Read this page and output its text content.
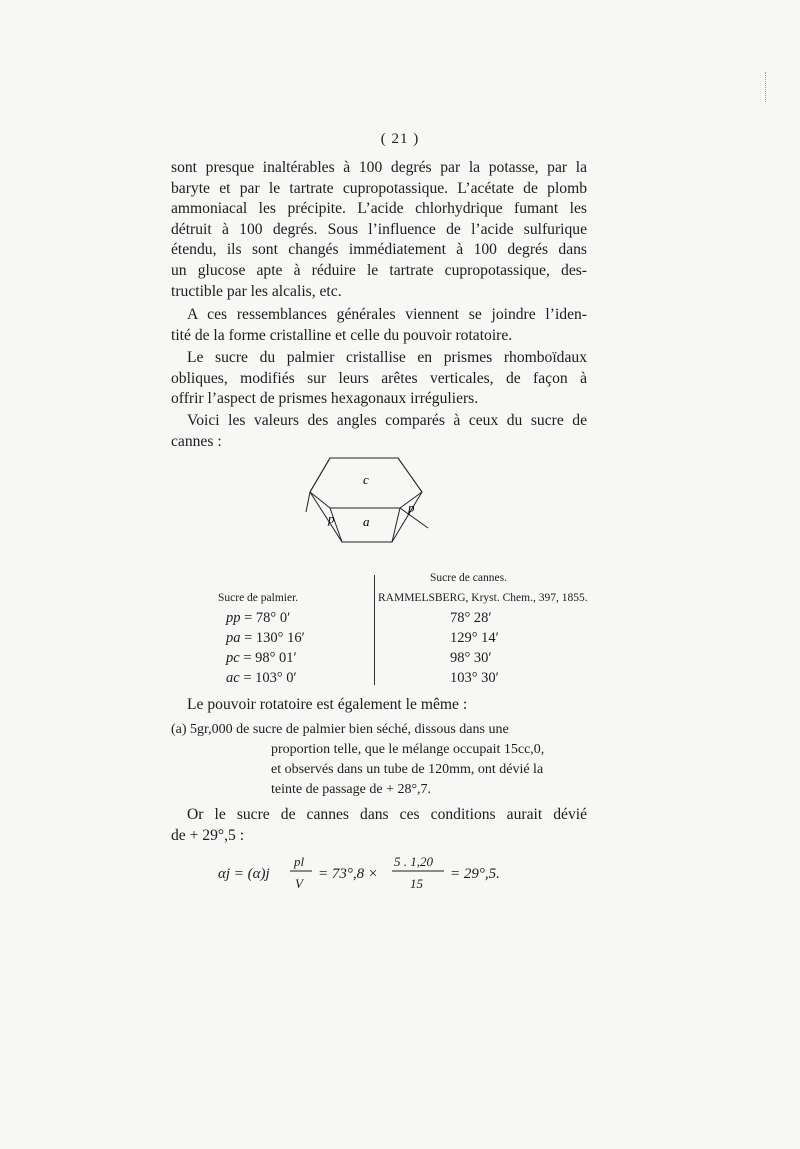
( 21 )
sont presque inaltérables à 100 degrés par la potasse, par la
baryte et par le tartrate cupropotassique. L’acétate de plomb
ammoniacal les précipite. L’acide chlorhydrique fumant les
détruit à 100 degrés. Sous l’influence de l’acide sulfurique
étendu, ils sont changés immédiatement à 100 degrés dans
un glucose apte à réduire le tartrate cupropotassique, des-
tructible par les alcalis, etc.
A ces ressemblances générales viennent se joindre l’iden-
tité de la forme cristalline et celle du pouvoir rotatoire.
Le sucre du palmier cristallise en prismes rhomboïdaux
obliques, modifiés sur leurs arêtes verticales, de façon à
offrir l’aspect de prismes hexagonaux irréguliers.
Voici les valeurs des angles comparés à ceux du sucre de
cannes :
c
a
p
p
Sucre de palmier.
Sucre de cannes.
RAMMELSBERG, Kryst. Chem., 397, 1855.
pp = 78° 0′
pa = 130° 16′
pc = 98° 01′
ac = 103° 0′
78° 28′
129° 14′
98° 30′
103° 30′
Le pouvoir rotatoire est également le même :
(a) 5gr,000 de sucre de palmier bien séché, dissous dans une
proportion telle, que le mélange occupait 15cc,0,
et observés dans un tube de 120mm, ont dévié la
teinte de passage de + 28°,7.
Or le sucre de cannes dans ces conditions aurait dévié
de + 29°,5 :
αj = (α)j
pl
V
= 73°,8 ×
5 . 1,20
15
= 29°,5.
